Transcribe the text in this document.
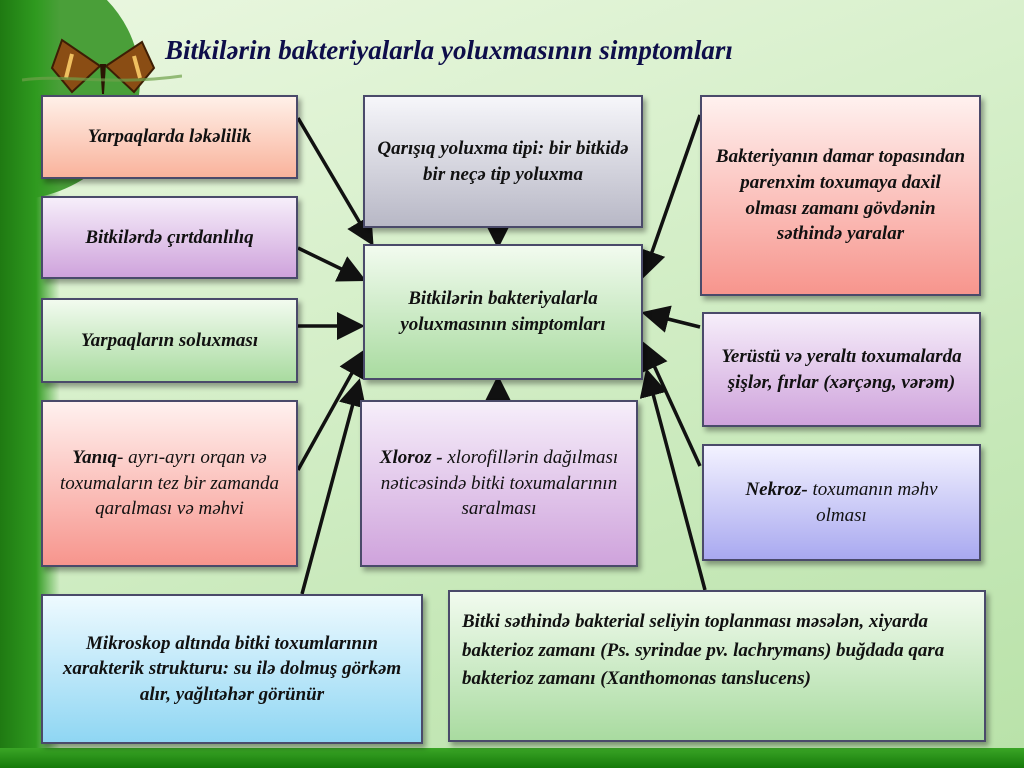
Bitkilərin bakteriyalarla yoluxmasının simptomları
Yarpaqlarda ləkəlilik
Bitkilərdə çırtdanlılıq
Yarpaqların soluxması
Yanıq- ayrı-ayrı orqan və toxumaların tez bir zamanda qaralması və məhvi
Qarışıq yoluxma tipi: bir bitkidə bir neçə tip yoluxma
Bitkilərin bakteriyalarla yoluxmasının simptomları
Xloroz - xlorofillərin dağılması nəticəsində bitki toxumalarının saralması
Bakteriyanın damar topasından parenxim toxumaya daxil olması zamanı gövdənin səthində yaralar
Yerüstü və yeraltı toxumalarda şişlər, fırlar (xərçəng, vərəm)
Nekroz- toxumanın məhv olması
Mikroskop altında bitki toxumlarının xarakterik strukturu: su ilə dolmuş görkəm alır, yağlıtəhər görünür
Bitki səthində bakterial seliyin toplanması məsələn, xiyarda bakterioz zamanı (Ps. syrindae pv. lachrymans) buğdada qara bakterioz zamanı (Xanthomonas tanslucens)
